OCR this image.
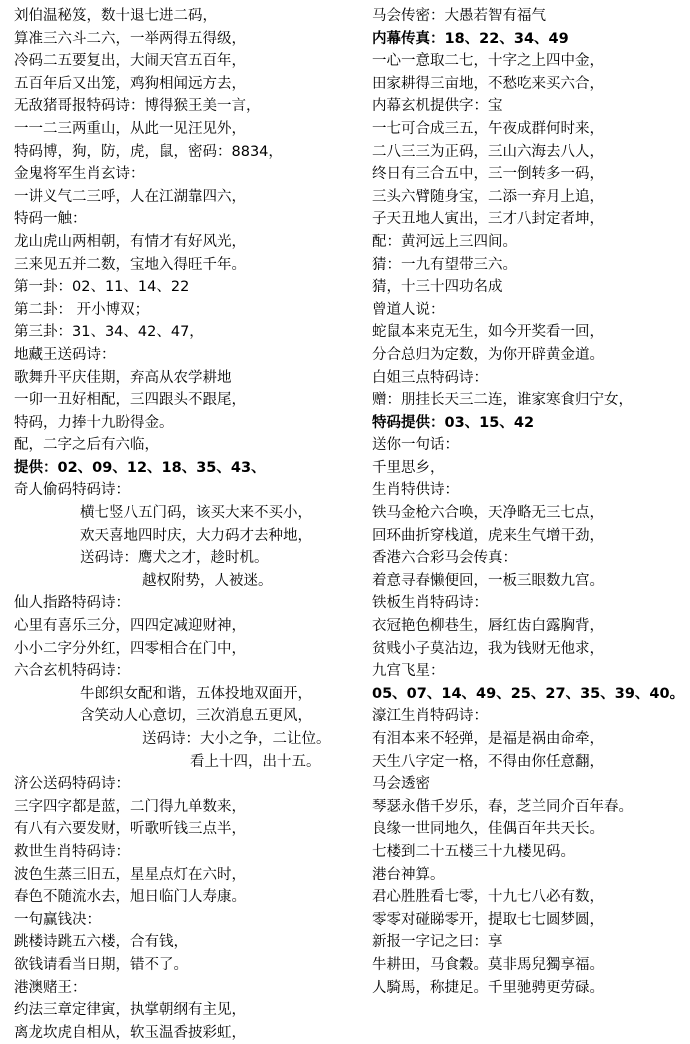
刘伯温秘笈，数十退七进二码，
算准三六斗二六，一举两得五得级，
冷码二五要复出，大闹天宫五百年，
五百年后又出笼，鸡狗相闻远方去，
无敌猪哥报特码诗：博得猴王美一言，
一一二三两重山，从此一见汪见外，
特码博，狗，防，虎，鼠，密码：8834，
金鬼将军生肖玄诗：
一讲义气二三呼，人在江湖靠四六，
特码一触：
龙山虎山两相朝，有情才有好风光，
三来见五并二数，宝地入得旺千年。
第一卦：02、11、14、22
第二卦： 开小博双；
第三卦：31、34、42、47，
地藏王送码诗：
歌舞升平庆佳期，弃高从农学耕地
一卯一丑好相配，三四跟头不跟尾，
特码，力捧十九盼得金。
配，二字之后有六临，
提供：02、09、12、18、35、43、
奇人偷码特码诗：
横七竖八五门码，该买大来不买小，
欢天喜地四时庆，大力码才去种地，
送码诗：鹰犬之才，趁时机。
越权附势，人被迷。
仙人指路特码诗：
心里有喜乐三分，四四定减迎财神，
小小二字分外红，四零相合在门中，
六合玄机特码诗：
牛郎织女配和谐，五体投地双面开，
含笑动人心意切，三次消息五更风，
送码诗：大小之争，二让位。
看上十四，出十五。
济公送码特码诗：
三字四字都是蓝，二门得九单数来，
有八有六要发财，听歌听钱三点半，
救世生肖特码诗：
波色生蒸三旧五，星星点灯在六时，
春色不随流水去，旭日临门人寿康。
一句赢钱决：
跳楼诗跳五六楼，合有钱，
欲钱请看当日期，错不了。
港澳赌王：
约法三章定律寅，执掌朝纲有主见，
离龙坎虎自相从，软玉温香披彩虹，
马会传密：大愚若智有福气
内幕传真：18、22、34、49
一心一意取二七，十字之上四中金，
田家耕得三亩地，不愁吃来买六合，
内幕玄机提供字：宝
一七可合成三五，午夜成群何时来，
二八三三为正码，三山六海去八人，
终日有三合五中，三一倒转多一码，
三头六臂随身宝，二添一弃月上追，
子天丑地人寅出，三才八封定者坤，
配：黄河远上三四间。
猜：一九有望带三六。
猜，十三十四功名成
曾道人说：
蛇鼠本来克无生，如今开奖看一回，
分合总归为定数，为你开辟黄金道。
白姐三点特码诗：
赠：朋挂长天三二连，谁家寒食归宁女，
特码提供：03、15、42
送你一句话：
千里思乡，
生肖特供诗：
铁马金枪六合唤，天净略无三七点，
回环曲折穿栈道，虎来生气增干劲，
香港六合彩马会传真：
着意寻春懒便回，一板三眼数九宫。
铁板生肖特码诗：
衣冠艳色柳巷生，唇红齿白露胸背，
贫贱小子莫沾边，我为钱财无他求，
九宫飞星：
05、07、14、49、25、27、35、39、40。
濠江生肖特码诗：
有泪本来不轻弹，是福是祸由命牵，
天生八字定一格，不得由你任意翻，
马会透密
琴瑟永偕千岁乐，春，芝兰同介百年春。
良缘一世同地久，佳偶百年共天长。
七楼到二十五楼三十九楼见码。
港台神算。
君心胜胜看七零，十九七八必有数，
零零对碰睇零开，提取七七圆梦圆，
新报一字记之曰：享
牛耕田，马食穀。莫非馬兒獨享福。
人騎馬，称捷足。千里驰骋更劳碌。
